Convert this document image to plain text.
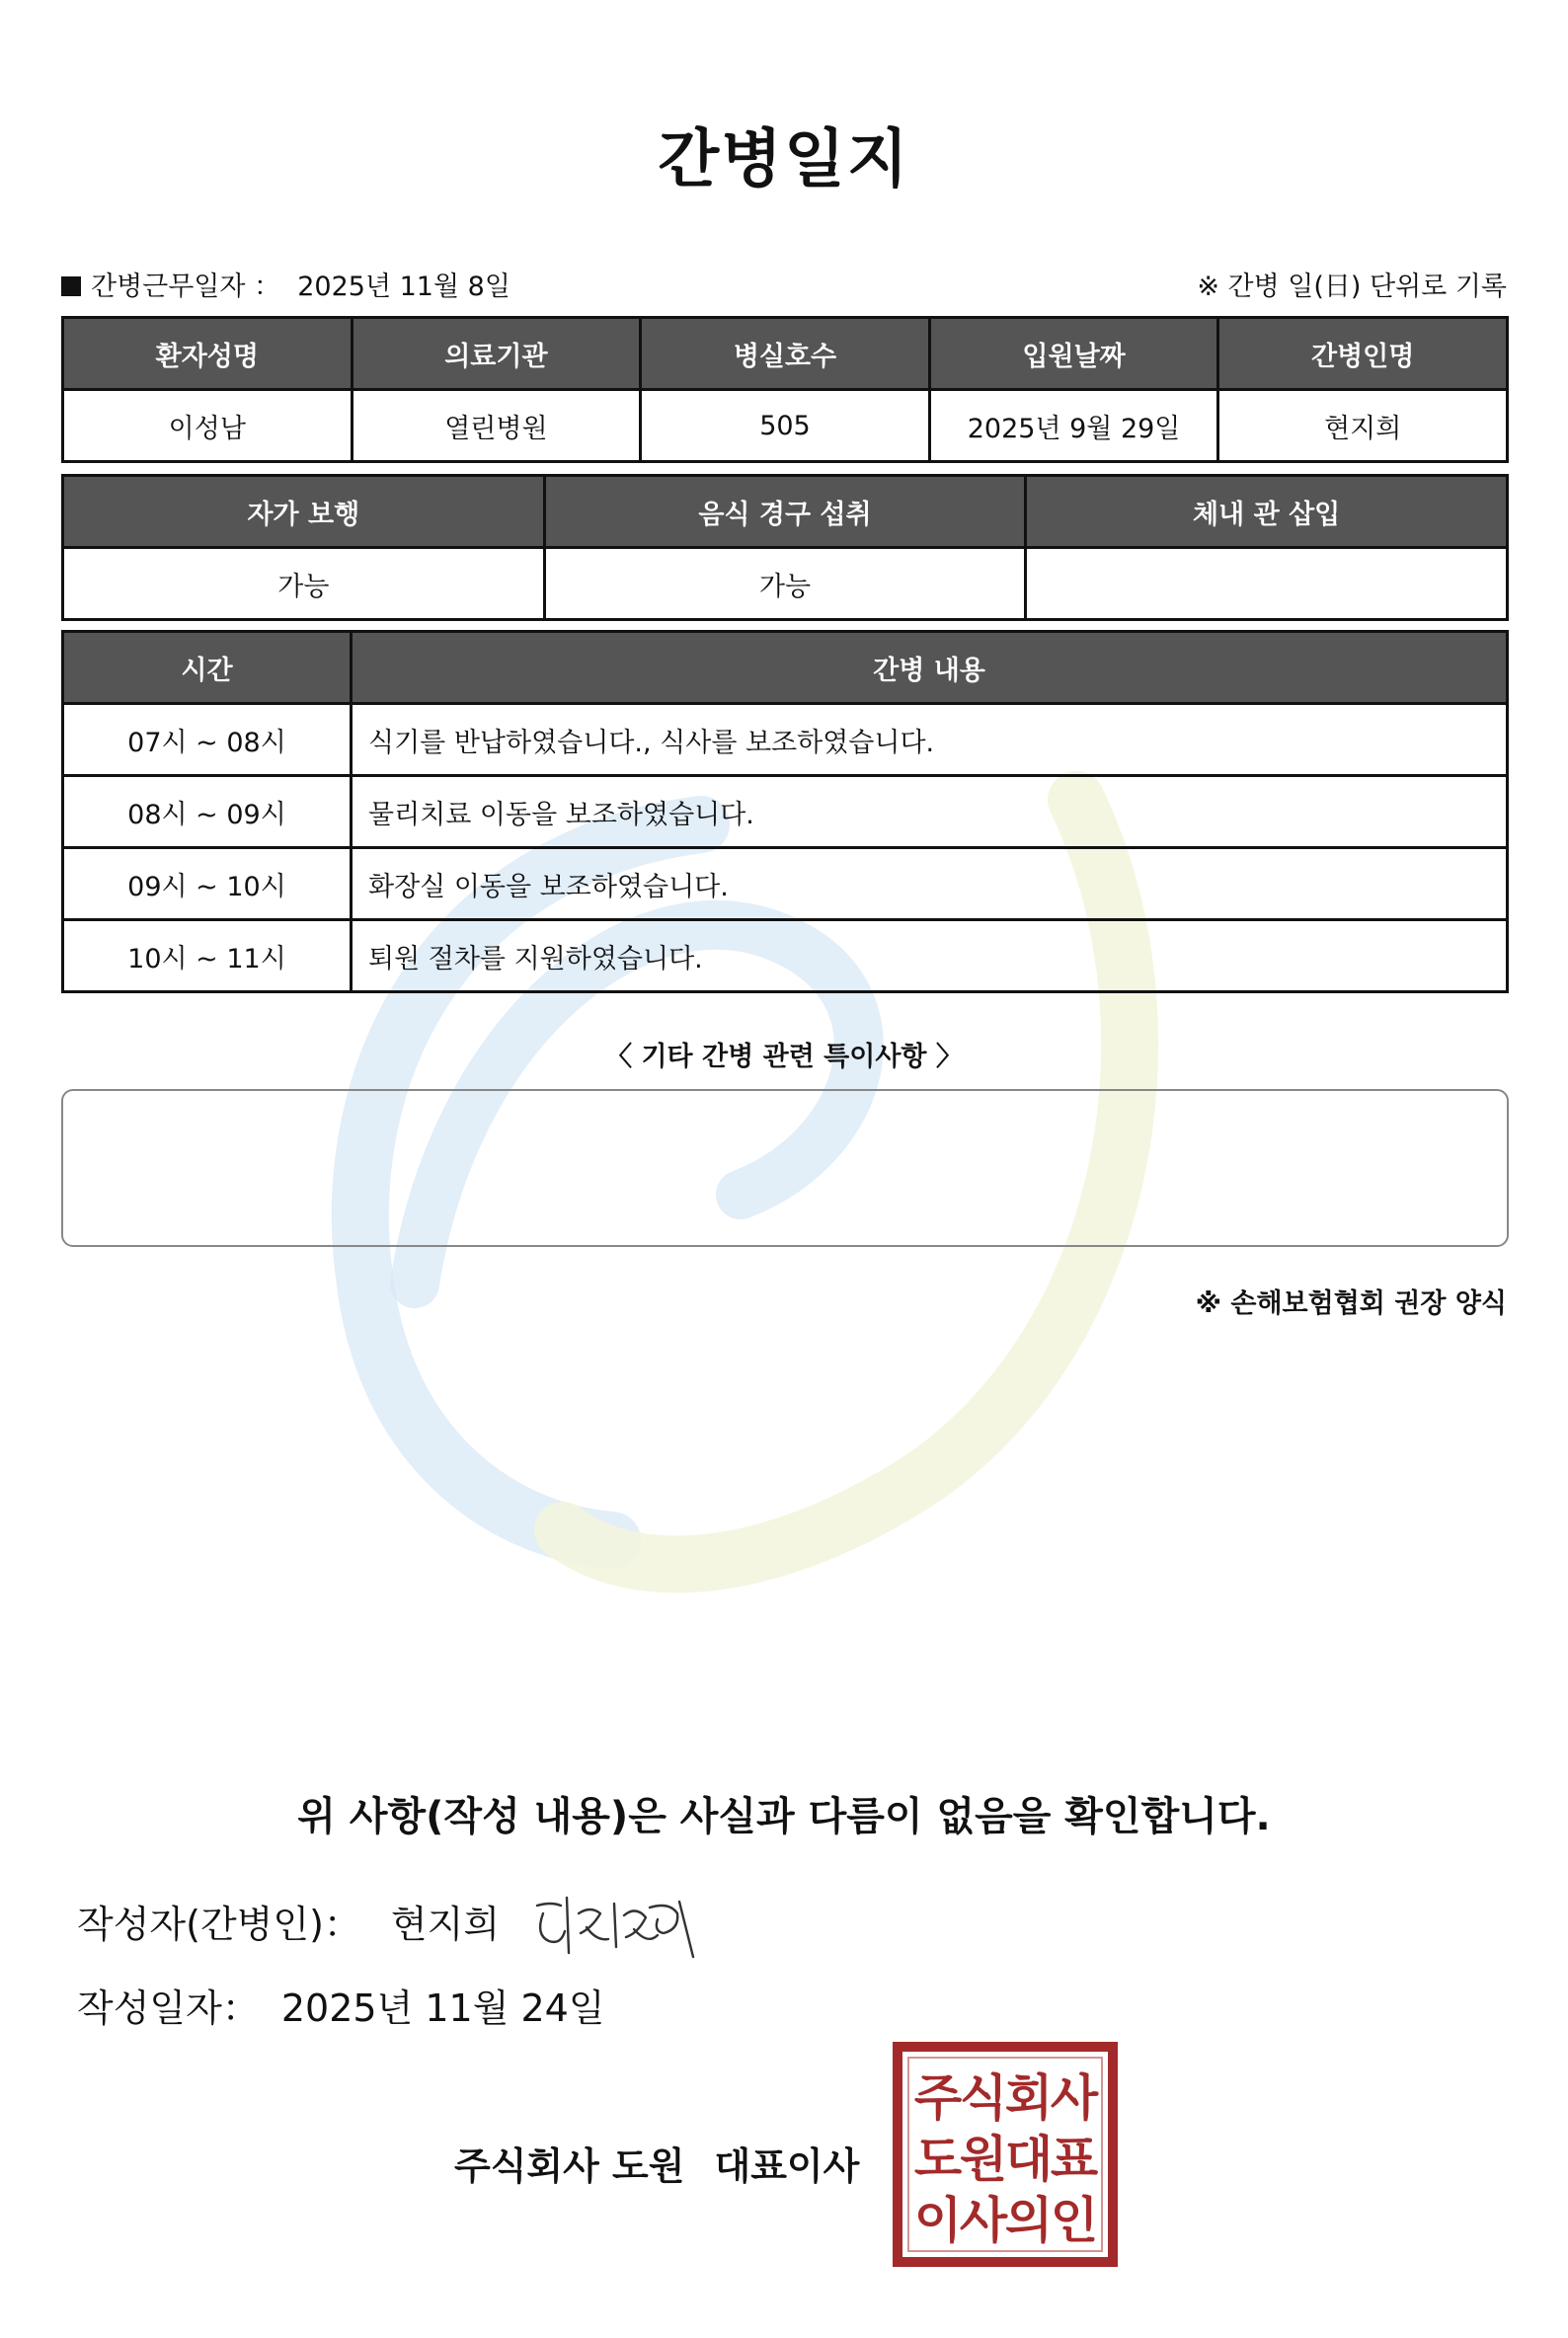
간병일지
간병근무일자 ： 2025년 11월 8일	※ 간병 일(日) 단위로 기록
환자성명	의료기관	병실호수	입원날짜	간병인명
이성남	열린병원	505	2025년 9월 29일	현지희
자가 보행	음식 경구 섭취	체내 관 삽입
가능	가능	
시간	간병 내용
07시 ~ 08시	식기를 반납하였습니다., 식사를 보조하였습니다.
08시 ~ 09시	물리치료 이동을 보조하였습니다.
09시 ~ 10시	화장실 이동을 보조하였습니다.
10시 ~ 11시	퇴원 절차를 지원하였습니다.
〈 기타 간병 관련 특이사항 〉
※ 손해보험협회 권장 양식
위 사항(작성 내용)은 사실과 다름이 없음을 확인합니다.
작성자(간병인)： 현지희
작성일자： 2025년 11월 24일
주식회사 도원 대표이사
주
식
회
사
도
원
대
표
이
사
의
인
